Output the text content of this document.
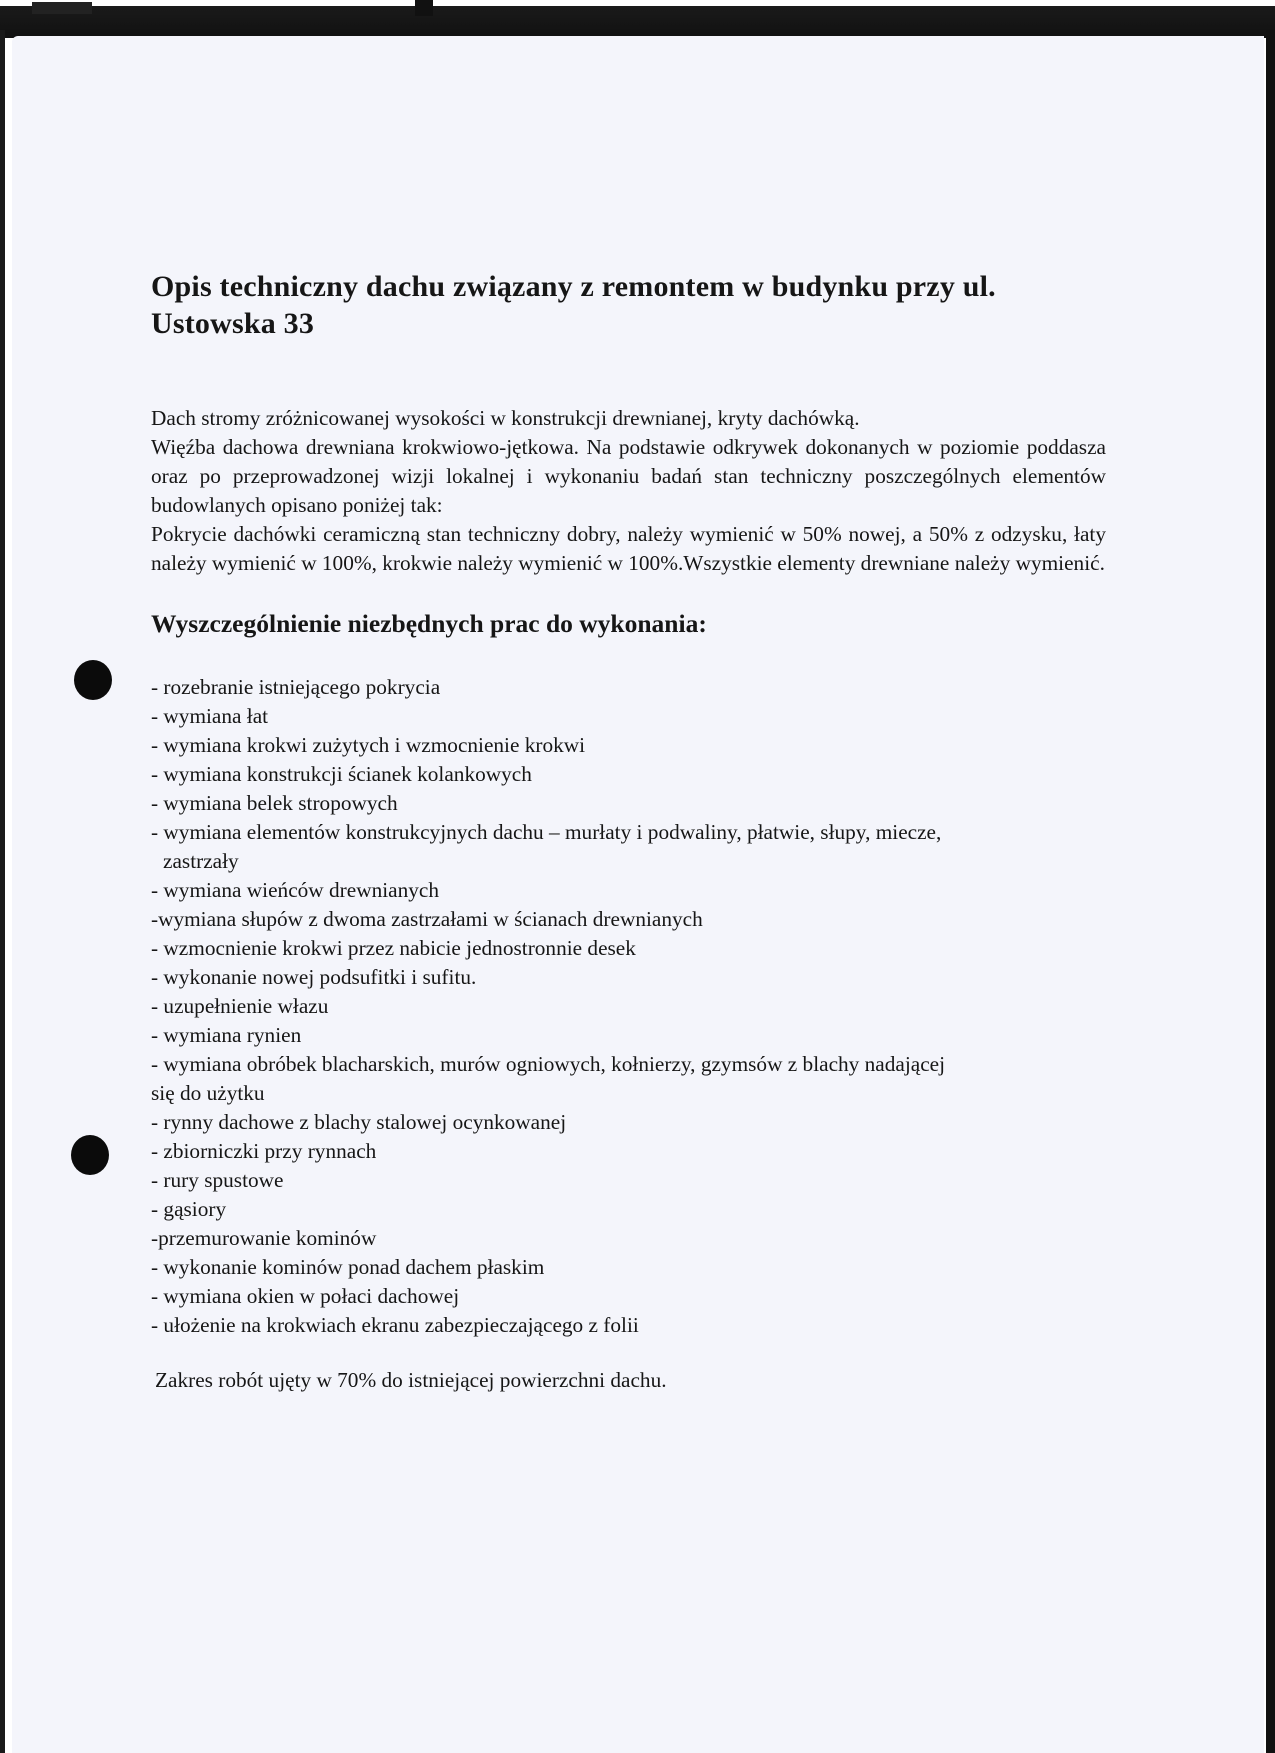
Opis techniczny dachu związany z remontem w budynku przy ul. Ustowska 33

Dach stromy zróżnicowanej wysokości w konstrukcji drewnianej, kryty dachówką.

Więźba dachowa drewniana krokwiowo-jętkowa. Na podstawie odkrywek dokonanych w poziomie poddasza oraz po przeprowadzonej wizji lokalnej i wykonaniu badań stan techniczny poszczególnych elementów budowlanych opisano poniżej tak:

Pokrycie dachówki ceramiczną stan techniczny dobry, należy wymienić w 50% nowej, a 50% z odzysku, łaty należy wymienić w 100%, krokwie należy wymienić w 100%.Wszystkie elementy drewniane należy wymienić.

Wyszczególnienie niezbędnych prac do wykonania:
- rozebranie istniejącego pokrycia
- wymiana łat
- wymiana krokwi zużytych i wzmocnienie krokwi
- wymiana konstrukcji ścianek kolankowych
- wymiana belek stropowych
- wymiana elementów konstrukcyjnych dachu – murłaty i podwaliny, płatwie, słupy, miecze,
zastrzały
- wymiana wieńców drewnianych
-wymiana słupów z dwoma zastrzałami w ścianach drewnianych
- wzmocnienie krokwi przez nabicie jednostronnie desek
- wykonanie nowej podsufitki i sufitu.
- uzupełnienie włazu
- wymiana rynien
- wymiana obróbek blacharskich, murów ogniowych, kołnierzy, gzymsów z blachy nadającej
się do użytku
- rynny dachowe z blachy stalowej ocynkowanej
- zbiorniczki przy rynnach
- rury spustowe
- gąsiory
-przemurowanie kominów
- wykonanie kominów ponad dachem płaskim
- wymiana okien w połaci dachowej
- ułożenie na krokwiach ekranu zabezpieczającego z folii

Zakres robót ujęty w 70% do istniejącej powierzchni dachu.
